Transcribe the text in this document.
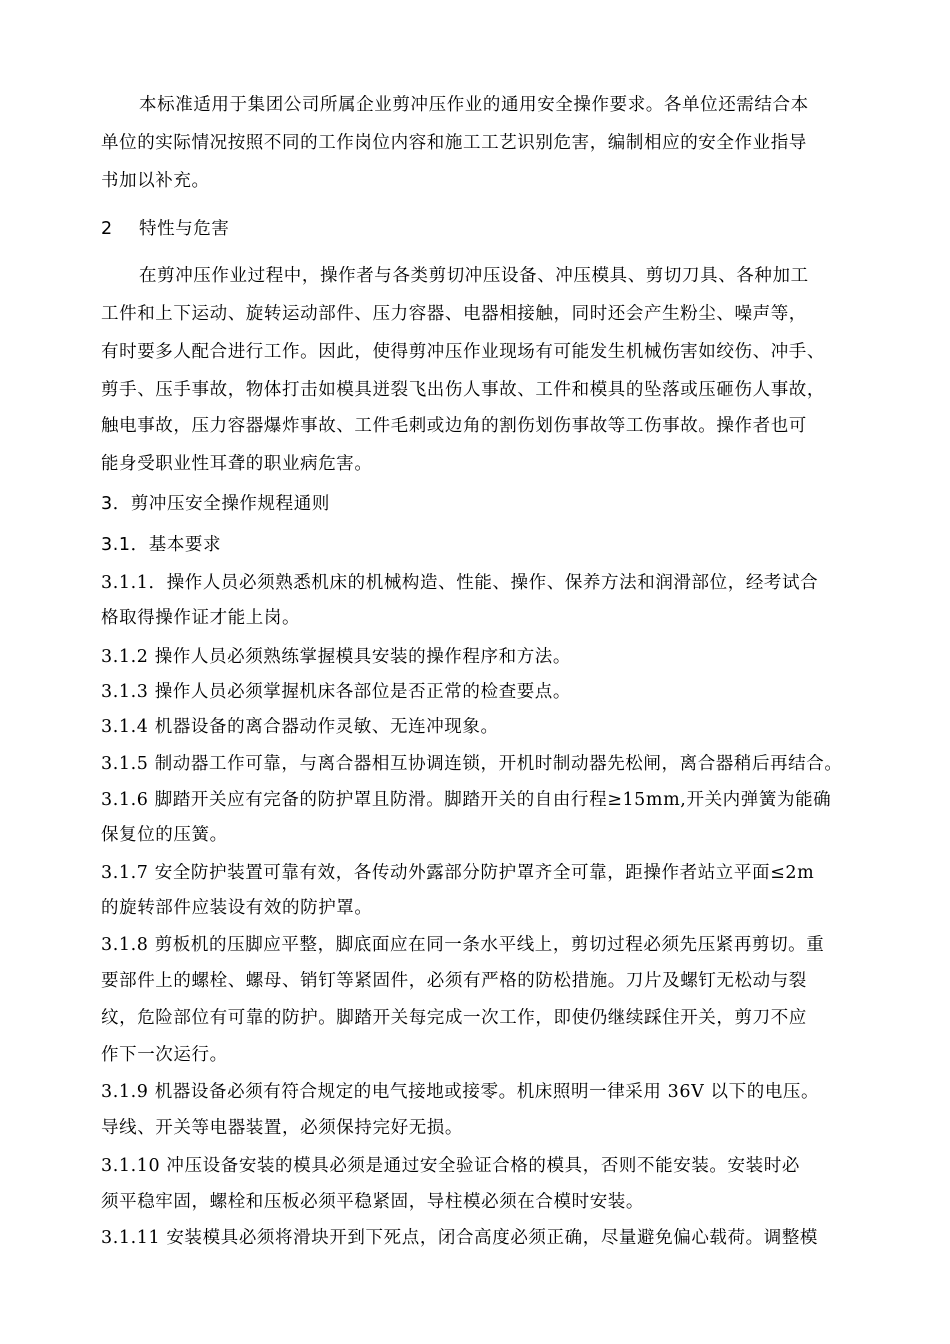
本标准适用于集团公司所属企业剪冲压作业的通用安全操作要求。各单位还需结合本
单位的实际情况按照不同的工作岗位内容和施工工艺识别危害，编制相应的安全作业指导
书加以补充。
2 特性与危害
在剪冲压作业过程中，操作者与各类剪切冲压设备、冲压模具、剪切刀具、各种加工
工件和上下运动、旋转运动部件、压力容器、电器相接触，同时还会产生粉尘、噪声等，
有时要多人配合进行工作。因此，使得剪冲压作业现场有可能发生机械伤害如绞伤、冲手、
剪手、压手事故，物体打击如模具迸裂飞出伤人事故、工件和模具的坠落或压砸伤人事故，
触电事故，压力容器爆炸事故、工件毛刺或边角的割伤划伤事故等工伤事故。操作者也可
能身受职业性耳聋的职业病危害。
3．剪冲压安全操作规程通则
3.1．基本要求
3.1.1．操作人员必须熟悉机床的机械构造、性能、操作、保养方法和润滑部位，经考试合
格取得操作证才能上岗。
3.1.2 操作人员必须熟练掌握模具安装的操作程序和方法。
3.1.3 操作人员必须掌握机床各部位是否正常的检查要点。
3.1.4 机器设备的离合器动作灵敏、无连冲现象。
3.1.5 制动器工作可靠，与离合器相互协调连锁，开机时制动器先松闸，离合器稍后再结合。
3.1.6 脚踏开关应有完备的防护罩且防滑。脚踏开关的自由行程≥15mm,开关内弹簧为能确
保复位的压簧。
3.1.7 安全防护装置可靠有效，各传动外露部分防护罩齐全可靠，距操作者站立平面≤2m
的旋转部件应装设有效的防护罩。
3.1.8 剪板机的压脚应平整，脚底面应在同一条水平线上，剪切过程必须先压紧再剪切。重
要部件上的螺栓、螺母、销钉等紧固件，必须有严格的防松措施。刀片及螺钉无松动与裂
纹，危险部位有可靠的防护。脚踏开关每完成一次工作，即使仍继续踩住开关，剪刀不应
作下一次运行。
3.1.9 机器设备必须有符合规定的电气接地或接零。机床照明一律采用 36V 以下的电压。
导线、开关等电器装置，必须保持完好无损。
3.1.10 冲压设备安装的模具必须是通过安全验证合格的模具，否则不能安装。安装时必
须平稳牢固，螺栓和压板必须平稳紧固，导柱模必须在合模时安装。
3.1.11 安装模具必须将滑块开到下死点，闭合高度必须正确，尽量避免偏心载荷。调整模
